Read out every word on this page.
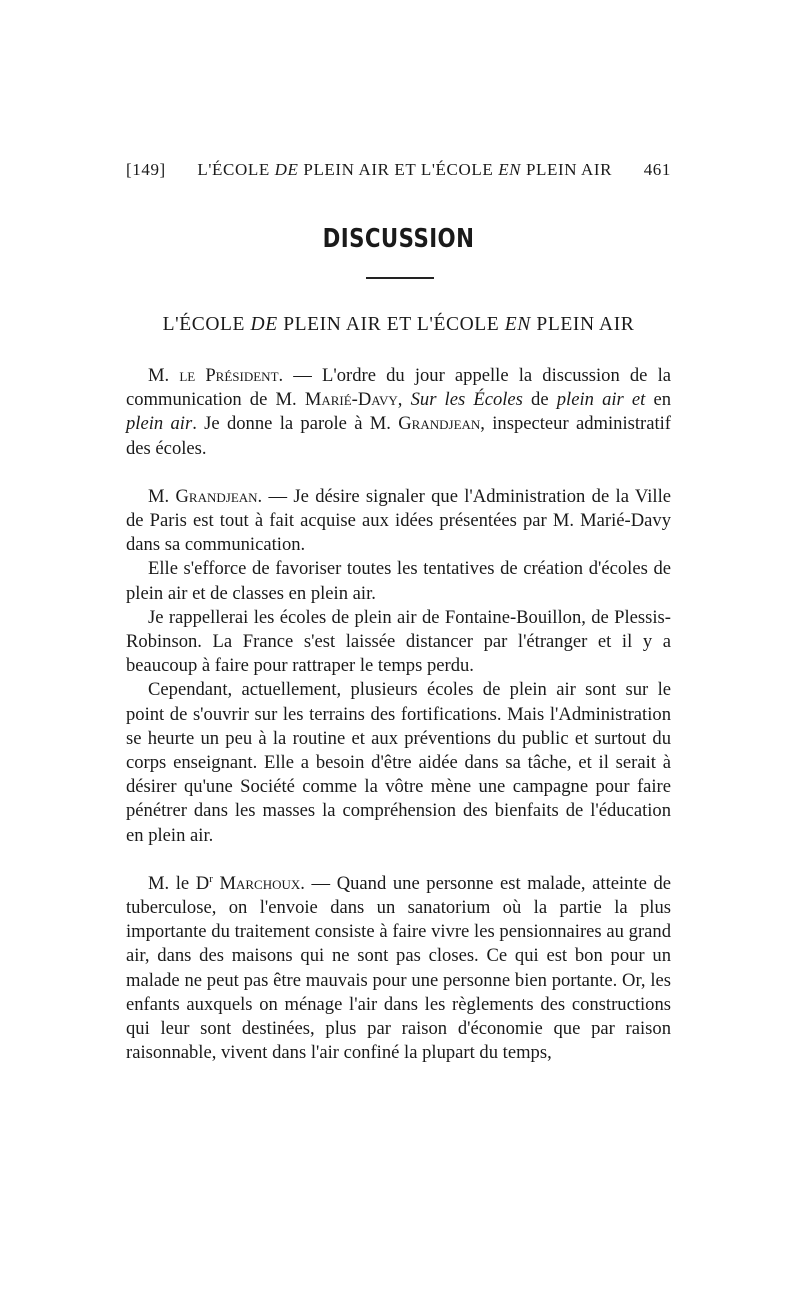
[149]	L'ÉCOLE DE PLEIN AIR ET L'ÉCOLE EN PLEIN AIR	461
DISCUSSION
L'ÉCOLE DE PLEIN AIR ET L'ÉCOLE EN PLEIN AIR

M. le Président. — L'ordre du jour appelle la discussion de la communication de M. Marié-Davy, Sur les Écoles de plein air et en plein air. Je donne la parole à M. Grandjean, inspecteur administratif des écoles.

M. Grandjean. — Je désire signaler que l'Administration de la Ville de Paris est tout à fait acquise aux idées présentées par M. Marié-Davy dans sa communication.

Elle s'efforce de favoriser toutes les tentatives de création d'écoles de plein air et de classes en plein air.

Je rappellerai les écoles de plein air de Fontaine-Bouillon, de Plessis-Robinson. La France s'est laissée distancer par l'étranger et il y a beaucoup à faire pour rattraper le temps perdu.

Cependant, actuellement, plusieurs écoles de plein air sont sur le point de s'ouvrir sur les terrains des fortifications. Mais l'Administration se heurte un peu à la routine et aux préventions du public et surtout du corps enseignant. Elle a besoin d'être aidée dans sa tâche, et il serait à désirer qu'une Société comme la vôtre mène une campagne pour faire pénétrer dans les masses la compréhension des bienfaits de l'éducation en plein air.

M. le $D^r$ Marchoux. — Quand une personne est malade, atteinte de tuberculose, on l'envoie dans un sanatorium où la partie la plus importante du traitement consiste à faire vivre les pensionnaires au grand air, dans des maisons qui ne sont pas closes. Ce qui est bon pour un malade ne peut pas être mauvais pour une personne bien portante. Or, les enfants auxquels on ménage l'air dans les règlements des constructions qui leur sont destinées, plus par raison d'économie que par raison raisonnable, vivent dans l'air confiné la plupart du temps,
